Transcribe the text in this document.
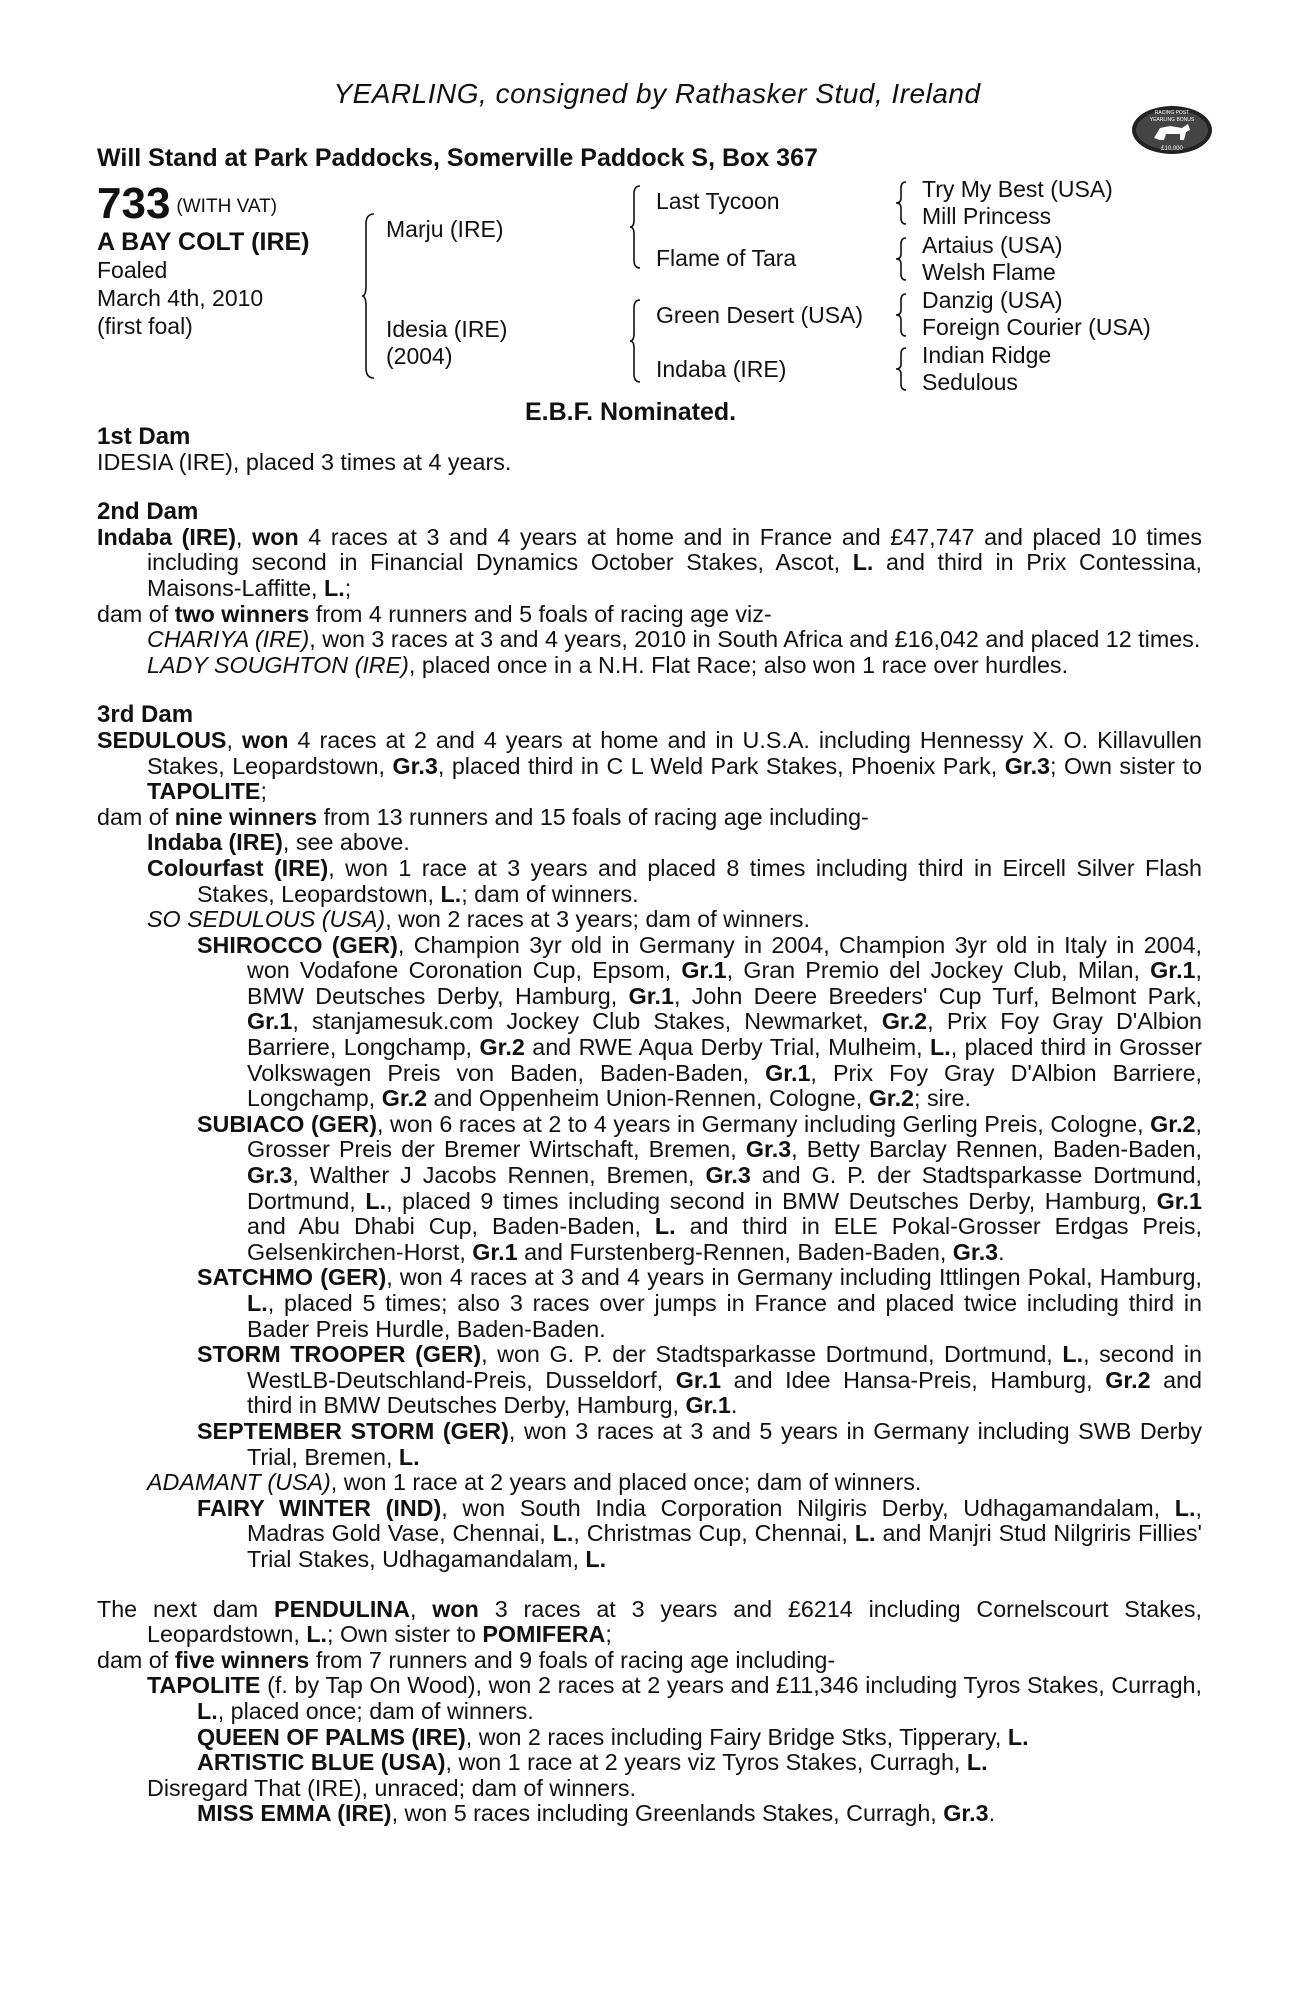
YEARLING, consigned by Rathasker Stud, Ireland
RACING POST
YEARLING BONUS
£10,000
Will Stand at Park Paddocks, Somerville Paddock S, Box 367
733 $^{(WITH VAT)}$
A BAY COLT (IRE)
Foaled
March 4th, 2010
(first foal)
Marju (IRE)
Idesia (IRE)
(2004)
Last Tycoon
Flame of Tara
Green Desert (USA)
Indaba (IRE)
Try My Best (USA)
Mill Princess
Artaius (USA)
Welsh Flame
Danzig (USA)
Foreign Courier (USA)
Indian Ridge
Sedulous
E.B.F. Nominated.

1st Dam

IDESIA (IRE), placed 3 times at 4 years.

2nd Dam

Indaba (IRE), won 4 races at 3 and 4 years at home and in France and £47,747 and placed 10 times including second in Financial Dynamics October Stakes, Ascot, L. and third in Prix Contessina, Maisons-Laffitte, L.;

dam of two winners from 4 runners and 5 foals of racing age viz-

CHARIYA (IRE), won 3 races at 3 and 4 years, 2010 in South Africa and £16,042 and placed 12 times.

LADY SOUGHTON (IRE), placed once in a N.H. Flat Race; also won 1 race over hurdles.

3rd Dam

SEDULOUS, won 4 races at 2 and 4 years at home and in U.S.A. including Hennessy X. O. Killavullen Stakes, Leopardstown, Gr.3, placed third in C L Weld Park Stakes, Phoenix Park, Gr.3; Own sister to TAPOLITE;

dam of nine winners from 13 runners and 15 foals of racing age including-

Indaba (IRE), see above.

Colourfast (IRE), won 1 race at 3 years and placed 8 times including third in Eircell Silver Flash Stakes, Leopardstown, L.; dam of winners.

SO SEDULOUS (USA), won 2 races at 3 years; dam of winners.

SHIROCCO (GER), Champion 3yr old in Germany in 2004, Champion 3yr old in Italy in 2004, won Vodafone Coronation Cup, Epsom, Gr.1, Gran Premio del Jockey Club, Milan, Gr.1, BMW Deutsches Derby, Hamburg, Gr.1, John Deere Breeders' Cup Turf, Belmont Park, Gr.1, stanjamesuk.com Jockey Club Stakes, Newmarket, Gr.2, Prix Foy Gray D'Albion Barriere, Longchamp, Gr.2 and RWE Aqua Derby Trial, Mulheim, L., placed third in Grosser Volkswagen Preis von Baden, Baden-Baden, Gr.1, Prix Foy Gray D'Albion Barriere, Longchamp, Gr.2 and Oppenheim Union-Rennen, Cologne, Gr.2; sire.

SUBIACO (GER), won 6 races at 2 to 4 years in Germany including Gerling Preis, Cologne, Gr.2, Grosser Preis der Bremer Wirtschaft, Bremen, Gr.3, Betty Barclay Rennen, Baden-Baden, Gr.3, Walther J Jacobs Rennen, Bremen, Gr.3 and G. P. der Stadtsparkasse Dortmund, Dortmund, L., placed 9 times including second in BMW Deutsches Derby, Hamburg, Gr.1 and Abu Dhabi Cup, Baden-Baden, L. and third in ELE Pokal-Grosser Erdgas Preis, Gelsenkirchen-Horst, Gr.1 and Furstenberg-Rennen, Baden-Baden, Gr.3.

SATCHMO (GER), won 4 races at 3 and 4 years in Germany including Ittlingen Pokal, Hamburg, L., placed 5 times; also 3 races over jumps in France and placed twice including third in Bader Preis Hurdle, Baden-Baden.

STORM TROOPER (GER), won G. P. der Stadtsparkasse Dortmund, Dortmund, L., second in WestLB-Deutschland-Preis, Dusseldorf, Gr.1 and Idee Hansa-Preis, Hamburg, Gr.2 and third in BMW Deutsches Derby, Hamburg, Gr.1.

SEPTEMBER STORM (GER), won 3 races at 3 and 5 years in Germany including SWB Derby Trial, Bremen, L.

ADAMANT (USA), won 1 race at 2 years and placed once; dam of winners.

FAIRY WINTER (IND), won South India Corporation Nilgiris Derby, Udhagamandalam, L., Madras Gold Vase, Chennai, L., Christmas Cup, Chennai, L. and Manjri Stud Nilgriris Fillies' Trial Stakes, Udhagamandalam, L.

The next dam PENDULINA, won 3 races at 3 years and £6214 including Cornelscourt Stakes, Leopardstown, L.; Own sister to POMIFERA;

dam of five winners from 7 runners and 9 foals of racing age including-

TAPOLITE (f. by Tap On Wood), won 2 races at 2 years and £11,346 including Tyros Stakes, Curragh, L., placed once; dam of winners.

QUEEN OF PALMS (IRE), won 2 races including Fairy Bridge Stks, Tipperary, L.

ARTISTIC BLUE (USA), won 1 race at 2 years viz Tyros Stakes, Curragh, L.

Disregard That (IRE), unraced; dam of winners.

MISS EMMA (IRE), won 5 races including Greenlands Stakes, Curragh, Gr.3.
